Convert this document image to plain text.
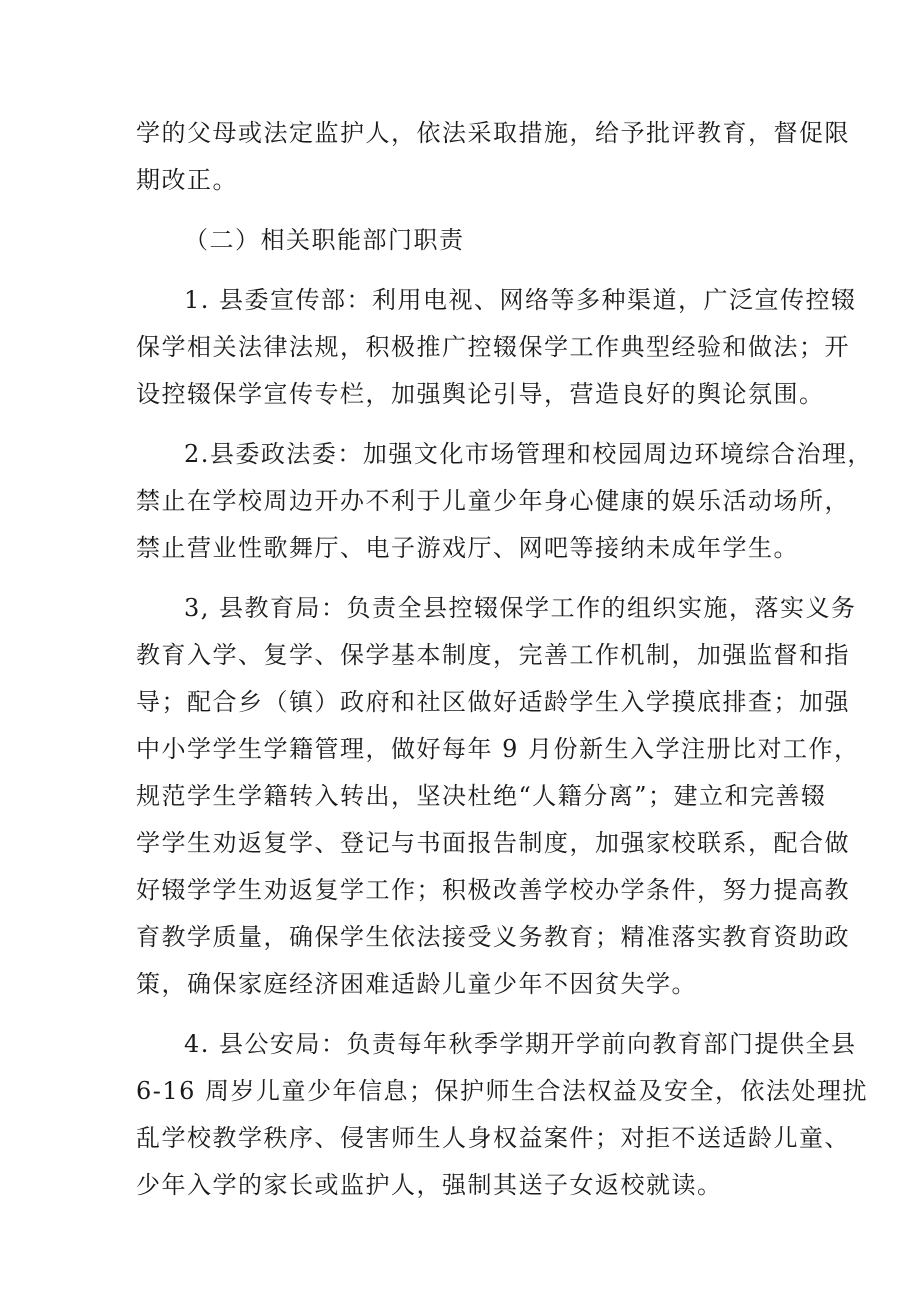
学的父母或法定监护人，依法采取措施，给予批评教育，督促限
期改正。
（二）相关职能部门职责
1. 县委宣传部：利用电视、网络等多种渠道，广泛宣传控辍
保学相关法律法规，积极推广控辍保学工作典型经验和做法；开
设控辍保学宣传专栏，加强舆论引导，营造良好的舆论氛围。
2.县委政法委：加强文化市场管理和校园周边环境综合治理，
禁止在学校周边开办不利于儿童少年身心健康的娱乐活动场所，
禁止营业性歌舞厅、电子游戏厅、网吧等接纳未成年学生。
3, 县教育局：负责全县控辍保学工作的组织实施，落实义务
教育入学、复学、保学基本制度，完善工作机制，加强监督和指
导；配合乡（镇）政府和社区做好适龄学生入学摸底排查；加强
中小学学生学籍管理，做好每年 9 月份新生入学注册比对工作，
规范学生学籍转入转出，坚决杜绝“人籍分离”；建立和完善辍
学学生劝返复学、登记与书面报告制度，加强家校联系，配合做
好辍学学生劝返复学工作；积极改善学校办学条件，努力提高教
育教学质量，确保学生依法接受义务教育；精准落实教育资助政
策，确保家庭经济困难适龄儿童少年不因贫失学。
4. 县公安局：负责每年秋季学期开学前向教育部门提供全县
6-16 周岁儿童少年信息；保护师生合法权益及安全，依法处理扰
乱学校教学秩序、侵害师生人身权益案件；对拒不送适龄儿童、
少年入学的家长或监护人，强制其送子女返校就读。
